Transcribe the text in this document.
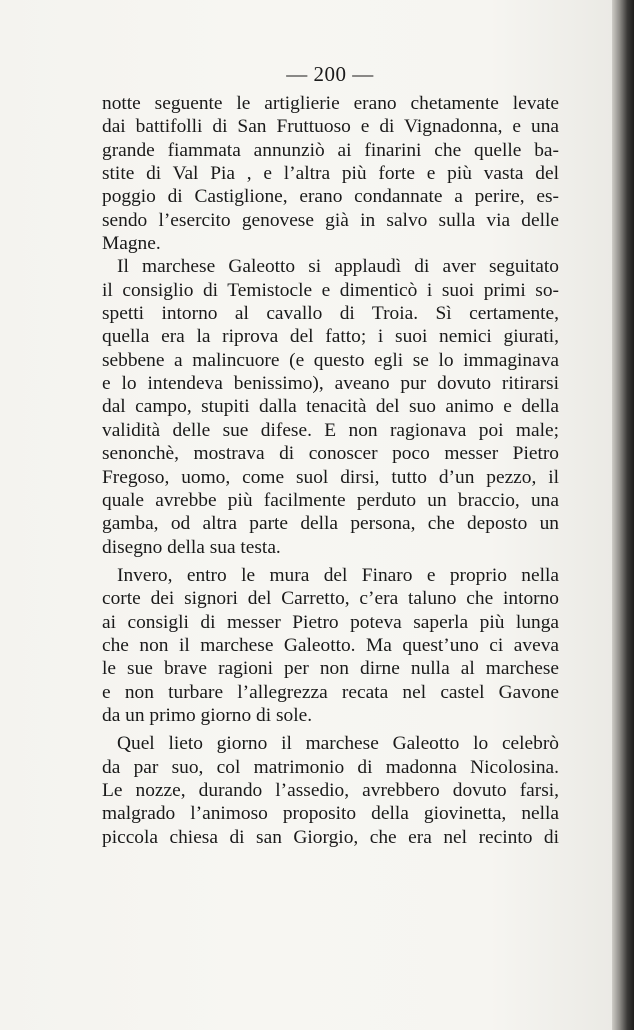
— 200 —
notte seguente le artiglierie erano chetamente levate
dai battifolli di San Fruttuoso e di Vignadonna, e una
grande fiammata annunziò ai finarini che quelle ba-
stite di Val Pia , e l’altra più forte e più vasta del
poggio di Castiglione, erano condannate a perire, es-
sendo l’esercito genovese già in salvo sulla via delle
Magne.
Il marchese Galeotto si applaudì di aver seguitato
il consiglio di Temistocle e dimenticò i suoi primi so-
spetti intorno al cavallo di Troia. Sì certamente,
quella era la riprova del fatto; i suoi nemici giurati,
sebbene a malincuore (e questo egli se lo immaginava
e lo intendeva benissimo), aveano pur dovuto ritirarsi
dal campo, stupiti dalla tenacità del suo animo e della
validità delle sue difese. E non ragionava poi male;
senonchè, mostrava di conoscer poco messer Pietro
Fregoso, uomo, come suol dirsi, tutto d’un pezzo, il
quale avrebbe più facilmente perduto un braccio, una
gamba, od altra parte della persona, che deposto un
disegno della sua testa.
Invero, entro le mura del Finaro e proprio nella
corte dei signori del Carretto, c’era taluno che intorno
ai consigli di messer Pietro poteva saperla più lunga
che non il marchese Galeotto. Ma quest’uno ci aveva
le sue brave ragioni per non dirne nulla al marchese
e non turbare l’allegrezza recata nel castel Gavone
da un primo giorno di sole.
Quel lieto giorno il marchese Galeotto lo celebrò
da par suo, col matrimonio di madonna Nicolosina.
Le nozze, durando l’assedio, avrebbero dovuto farsi,
malgrado l’animoso proposito della giovinetta, nella
piccola chiesa di san Giorgio, che era nel recinto di
